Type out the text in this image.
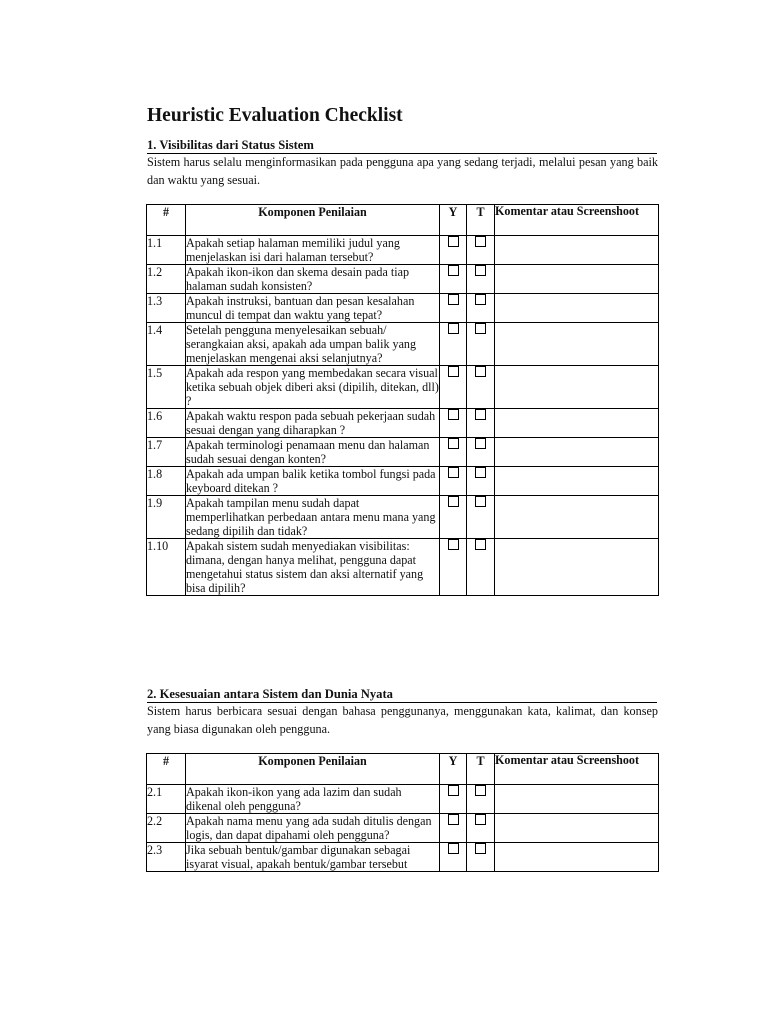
Heuristic Evaluation Checklist
1. Visibilitas dari Status Sistem
Sistem harus selalu menginformasikan pada pengguna apa yang sedang terjadi, melalui pesan yang baik dan waktu yang sesuai.
#	Komponen Penilaian	Y	T	Komentar atau Screenshoot
1.1	Apakah setiap halaman memiliki judul yang menjelaskan isi dari halaman tersebut?			
1.2	Apakah ikon-ikon dan skema desain pada tiap halaman sudah konsisten?			
1.3	Apakah instruksi, bantuan dan pesan kesalahan muncul di tempat dan waktu yang tepat?			
1.4	Setelah pengguna menyelesaikan sebuah/ serangkaian aksi, apakah ada umpan balik yang menjelaskan mengenai aksi selanjutnya?			
1.5	Apakah ada respon yang membedakan secara visual ketika sebuah objek diberi aksi (dipilih, ditekan, dll) ?			
1.6	Apakah waktu respon pada sebuah pekerjaan sudah sesuai dengan yang diharapkan ?			
1.7	Apakah terminologi penamaan menu dan halaman sudah sesuai dengan konten?			
1.8	Apakah ada umpan balik ketika tombol fungsi pada keyboard ditekan ?			
1.9	Apakah tampilan menu sudah dapat memperlihatkan perbedaan antara menu mana yang sedang dipilih dan tidak?			
1.10	Apakah sistem sudah menyediakan visibilitas: dimana, dengan hanya melihat, pengguna dapat mengetahui status sistem dan aksi alternatif yang bisa dipilih?			
2. Kesesuaian antara Sistem dan Dunia Nyata
Sistem harus berbicara sesuai dengan bahasa penggunanya, menggunakan kata, kalimat, dan konsep yang biasa digunakan oleh pengguna.
#	Komponen Penilaian	Y	T	Komentar atau Screenshoot
2.1	Apakah ikon-ikon yang ada lazim dan sudah dikenal oleh pengguna?			
2.2	Apakah nama menu yang ada sudah ditulis dengan logis, dan dapat dipahami oleh pengguna?			
2.3	Jika sebuah bentuk/gambar digunakan sebagai isyarat visual, apakah bentuk/gambar tersebut			
